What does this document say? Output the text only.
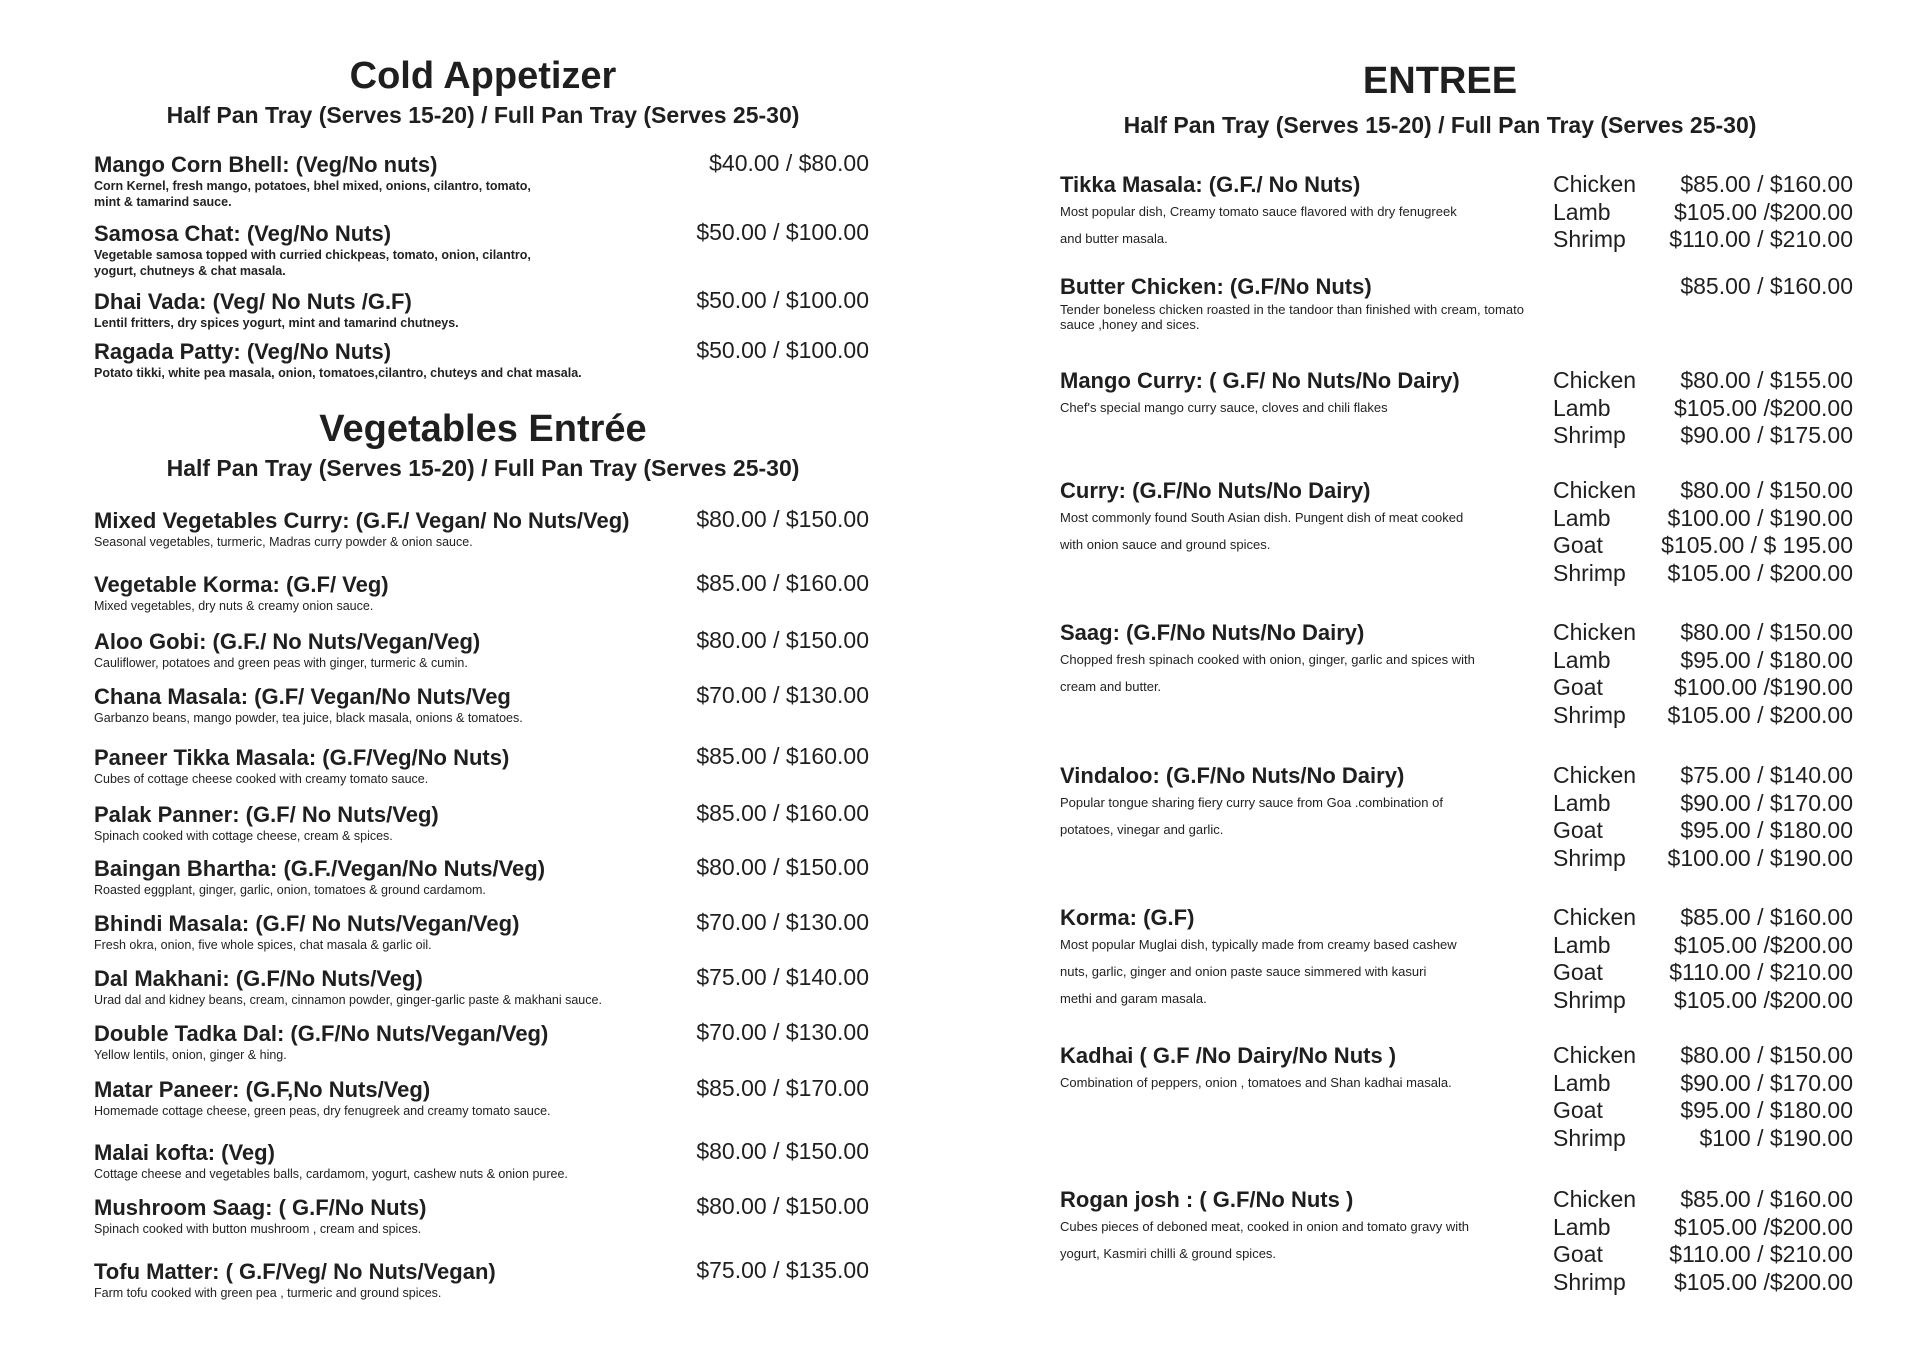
Cold Appetizer
Half Pan Tray (Serves 15-20) / Full Pan Tray (Serves 25-30)
Mango Corn Bhell: (Veg/No nuts)
Corn Kernel, fresh mango, potatoes, bhel mixed, onions, cilantro, tomato,
mint & tamarind sauce.
$40.00 / $80.00
Samosa Chat: (Veg/No Nuts)
Vegetable samosa topped with curried chickpeas, tomato, onion, cilantro,
yogurt, chutneys & chat masala.
$50.00 / $100.00
Dhai Vada: (Veg/ No Nuts /G.F)
Lentil fritters, dry spices yogurt, mint and tamarind chutneys.
$50.00 / $100.00
Ragada Patty: (Veg/No Nuts)
Potato tikki, white pea masala, onion, tomatoes,cilantro, chuteys and chat masala.
$50.00 / $100.00
Vegetables Entrée
Half Pan Tray (Serves 15-20) / Full Pan Tray (Serves 25-30)
Mixed Vegetables Curry: (G.F./ Vegan/ No Nuts/Veg)
Seasonal vegetables, turmeric, Madras curry powder & onion sauce.
$80.00 / $150.00
Vegetable Korma: (G.F/ Veg)
Mixed vegetables, dry nuts & creamy onion sauce.
$85.00 / $160.00
Aloo Gobi: (G.F./ No Nuts/Vegan/Veg)
Cauliflower, potatoes and green peas with ginger, turmeric & cumin.
$80.00 / $150.00
Chana Masala: (G.F/ Vegan/No Nuts/Veg
Garbanzo beans, mango powder, tea juice, black masala, onions & tomatoes.
$70.00 / $130.00
Paneer Tikka Masala: (G.F/Veg/No Nuts)
Cubes of cottage cheese cooked with creamy tomato sauce.
$85.00 / $160.00
Palak Panner: (G.F/ No Nuts/Veg)
Spinach cooked with cottage cheese, cream & spices.
$85.00 / $160.00
Baingan Bhartha: (G.F./Vegan/No Nuts/Veg)
Roasted eggplant, ginger, garlic, onion, tomatoes & ground cardamom.
$80.00 / $150.00
Bhindi Masala: (G.F/ No Nuts/Vegan/Veg)
Fresh okra, onion, five whole spices, chat masala & garlic oil.
$70.00 / $130.00
Dal Makhani: (G.F/No Nuts/Veg)
Urad dal and kidney beans, cream, cinnamon powder, ginger-garlic paste & makhani sauce.
$75.00 / $140.00
Double Tadka Dal: (G.F/No Nuts/Vegan/Veg)
Yellow lentils, onion, ginger & hing.
$70.00 / $130.00
Matar Paneer: (G.F,No Nuts/Veg)
Homemade cottage cheese, green peas, dry fenugreek and creamy tomato sauce.
$85.00 / $170.00
Malai kofta: (Veg)
Cottage cheese and vegetables balls, cardamom, yogurt, cashew nuts & onion puree.
$80.00 / $150.00
Mushroom Saag: ( G.F/No Nuts)
Spinach cooked with button mushroom , cream and spices.
$80.00 / $150.00
Tofu Matter: ( G.F/Veg/ No Nuts/Vegan)
Farm tofu cooked with green pea , turmeric and ground spices.
$75.00 / $135.00
ENTREE
Half Pan Tray (Serves 15-20) / Full Pan Tray (Serves 25-30)
Tikka Masala: (G.F./ No Nuts)
Most popular dish, Creamy tomato sauce flavored with dry fenugreek
and butter masala.
Chicken $85.00 / $160.00
Lamb	$105.00 /$200.00
Shrimp $110.00 / $210.00
Butter Chicken: (G.F/No Nuts)
Tender boneless chicken roasted in the tandoor than finished with cream, tomato
sauce ,honey and sices.
$85.00 / $160.00
Mango Curry: ( G.F/ No Nuts/No Dairy)
Chef's special mango curry sauce, cloves and chili flakes
Chicken $80.00 / $155.00
Lamb	$105.00 /$200.00
Shrimp $90.00 / $175.00
Curry: (G.F/No Nuts/No Dairy)
Most commonly found South Asian dish. Pungent dish of meat cooked
with onion sauce and ground spices.
Chicken $80.00 / $150.00
Lamb $100.00 / $190.00
Goat	$105.00 / $ 195.00
Shrimp $105.00 / $200.00
Saag: (G.F/No Nuts/No Dairy)
Chopped fresh spinach cooked with onion, ginger, garlic and spices with
cream and butter.
Chicken $80.00 / $150.00
Lamb	$95.00 / $180.00
Goat	$100.00 /$190.00
Shrimp $105.00 / $200.00
Vindaloo: (G.F/No Nuts/No Dairy)
Popular tongue sharing fiery curry sauce from Goa .combination of
potatoes, vinegar and garlic.
Chicken $75.00 / $140.00
Lamb	$90.00 / $170.00
Goat	$95.00 / $180.00
Shrimp $100.00 / $190.00
Korma: (G.F)
Most popular Muglai dish, typically made from creamy based cashew
nuts, garlic, ginger and onion paste sauce simmered with kasuri
methi and garam masala.
Chicken $85.00 / $160.00
Lamb	$105.00 /$200.00
Goat	$110.00 / $210.00
Shrimp $105.00 /$200.00
Kadhai ( G.F /No Dairy/No Nuts )
Combination of peppers, onion , tomatoes and Shan kadhai masala.
Chicken $80.00 / $150.00
Lamb	$90.00 / $170.00
Goat	$95.00 / $180.00
Shrimp	$100 / $190.00
Rogan josh : ( G.F/No Nuts )
Cubes pieces of deboned meat, cooked in onion and tomato gravy with
yogurt, Kasmiri chilli & ground spices.
Chicken $85.00 / $160.00
Lamb	$105.00 /$200.00
Goat	$110.00 / $210.00
Shrimp $105.00 /$200.00
